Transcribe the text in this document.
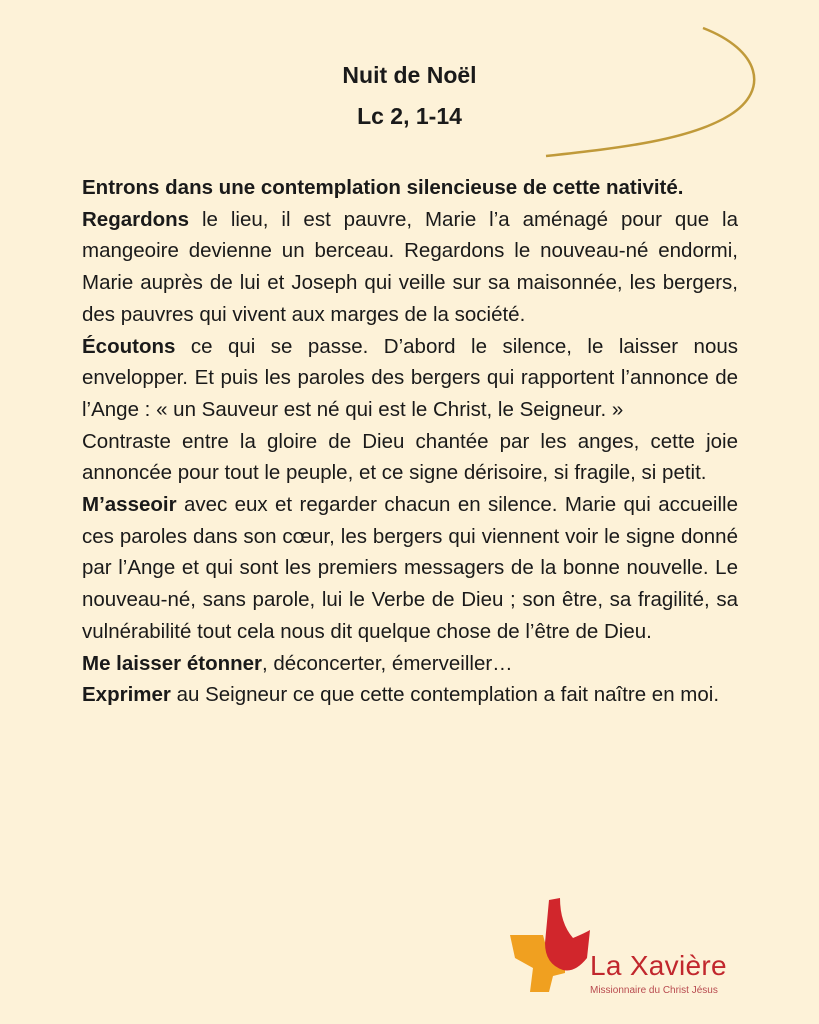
Nuit de Noël
Lc 2, 1-14

Entrons dans une contemplation silencieuse de cette nativité.

Regardons le lieu, il est pauvre, Marie l’a aménagé pour que la mangeoire devienne un berceau. Regardons le nouveau-né endormi, Marie auprès de lui et Joseph qui veille sur sa maisonnée, les bergers, des pauvres qui vivent aux marges de la société.

Écoutons ce qui se passe. D’abord le silence, le laisser nous envelopper. Et puis les paroles des bergers qui rapportent l’annonce de l’Ange : « un Sauveur est né qui est le Christ, le Seigneur. »

Contraste entre la gloire de Dieu chantée par les anges, cette joie annoncée pour tout le peuple, et ce signe dérisoire, si fragile, si petit.

M’asseoir avec eux et regarder chacun en silence. Marie qui accueille ces paroles dans son cœur, les bergers qui viennent voir le signe donné par l’Ange et qui sont les premiers messagers de la bonne nouvelle. Le nouveau-né, sans parole, lui le Verbe de Dieu ; son être, sa fragilité, sa vulnérabilité tout cela nous dit quelque chose de l’être de Dieu.

Me laisser étonner, déconcerter, émerveiller…

Exprimer au Seigneur ce que cette contemplation a fait naître en moi.

La Xavière
Missionnaire du Christ Jésus
